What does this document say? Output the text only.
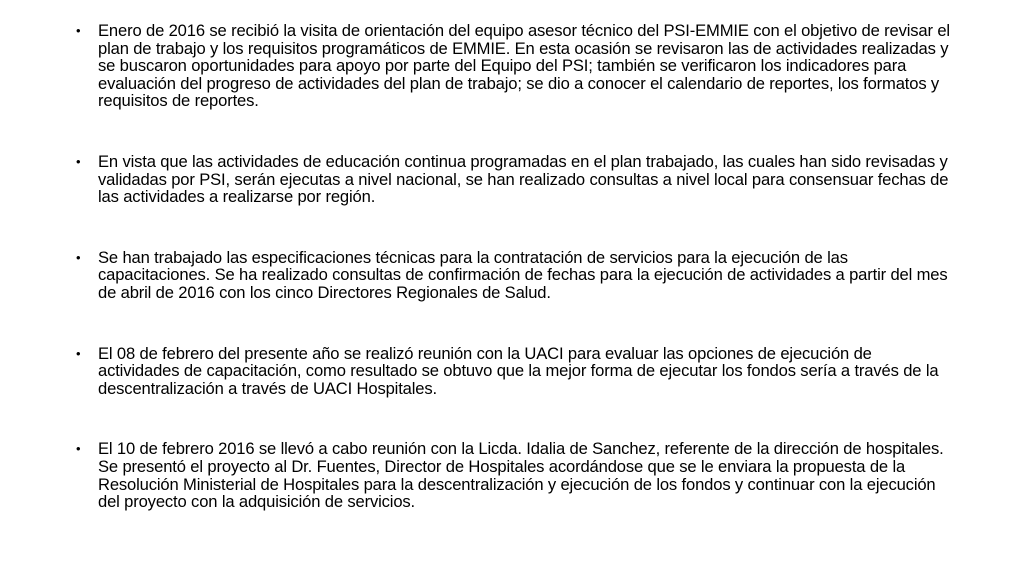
•	Enero de 2016 se recibió la visita de orientación del equipo asesor técnico del PSI-EMMIE con el objetivo de revisar el plan de trabajo y los requisitos programáticos de EMMIE. En esta ocasión se revisaron las de actividades realizadas y se buscaron oportunidades para apoyo por parte del Equipo del PSI; también se verificaron los indicadores para evaluación del progreso de actividades del plan de trabajo; se dio a conocer el calendario de reportes, los formatos y requisitos de reportes.
•	En vista que las actividades de educación continua programadas en el plan trabajado, las cuales han sido revisadas y validadas por PSI, serán ejecutas a nivel nacional, se han realizado consultas a nivel local para consensuar fechas de las actividades a realizarse por región.
•	Se han trabajado las especificaciones técnicas para la contratación de servicios para la ejecución de las capacitaciones. Se ha realizado consultas de confirmación de fechas para la ejecución de actividades a partir del mes de abril de 2016 con los cinco Directores Regionales de Salud.
•	El 08 de febrero del presente año se realizó reunión con la UACI para evaluar las opciones de ejecución de actividades de capacitación, como resultado se obtuvo que la mejor forma de ejecutar los fondos sería a través de la descentralización a través de UACI Hospitales.
•	El 10 de febrero 2016 se llevó a cabo reunión con la Licda. Idalia de Sanchez, referente de la dirección de hospitales. Se presentó el proyecto al Dr. Fuentes, Director de Hospitales acordándose que se le enviara la propuesta de la Resolución Ministerial de Hospitales para la descentralización y ejecución de los fondos y continuar con la ejecución del proyecto con la adquisición de servicios.
